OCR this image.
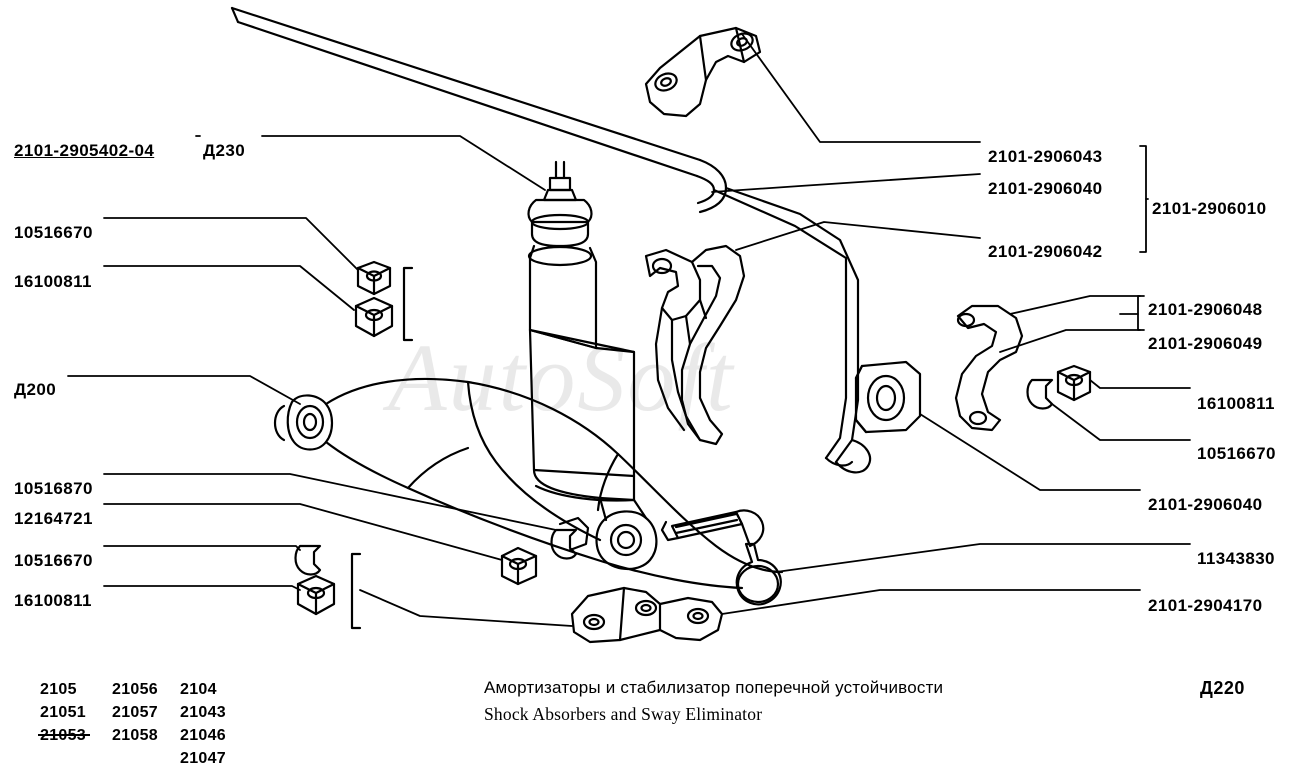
AutoSoft
2101-2905402-04	Д230
10516670
16100811
Д200
10516870
12164721
10516670
16100811
2101-2906043
2101-2906040
2101-2906010
2101-2906042
2101-2906048
2101-2906049
16100811
10516670
2101-2906040
11343830
2101-2904170
2105
21051
21056
21057
21058
2104
21043
21046
21047
Амортизаторы и стабилизатор поперечной устойчивости
Shock Absorbers and Sway Eliminator
Д220
